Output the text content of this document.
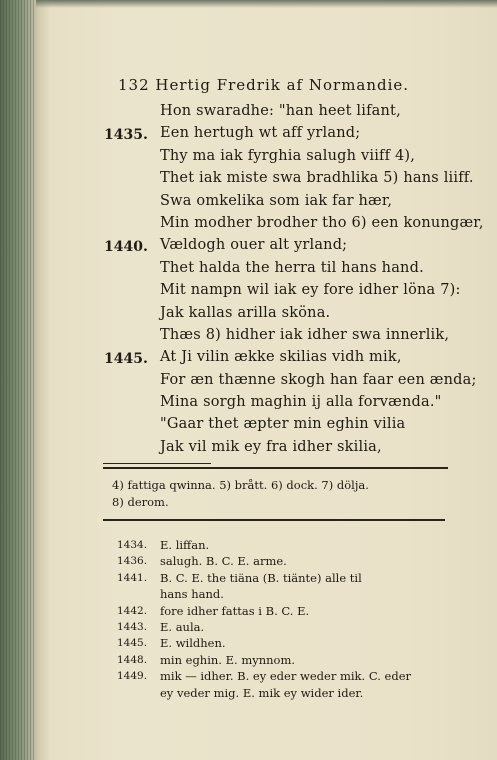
132 Hertig Fredrik af Normandie.
Hon swaradhe: "han heet lifant,
1435. Een hertugh wt aff yrland;
Thy ma iak fyrghia salugh viiff 4),
Thet iak miste swa bradhlika 5) hans liiff.
Swa omkelika som iak far hær,
Min modher brodher tho 6) een konungær,
1440. Vældogh ouer alt yrland;
Thet halda the herra til hans hand.
Mit nampn wil iak ey fore idher löna 7):
Jak kallas arilla sköna.
Thæs 8) hidher iak idher swa innerlik,
1445. At Ji vilin ække skilias vidh mik,
For æn thænne skogh han faar een ænda;
Mina sorgh maghin ij alla forvænda."
"Gaar thet æpter min eghin vilia
Jak vil mik ey fra idher skilia,
4) fattiga qwinna. 5) brått. 6) dock. 7) dölja.
8) derom.
1434. E. liffan.
1436. salugh. B. C. E. arme.
1441. B. C. E. the tiäna (B. tiänte) alle til
hans hand.
1442. fore idher fattas i B. C. E.
1443. E. aula.
1445. E. wildhen.
1448. min eghin. E. mynnom.
1449. mik — idher. B. ey eder weder mik. C. eder
ey veder mig. E. mik ey wider ider.
